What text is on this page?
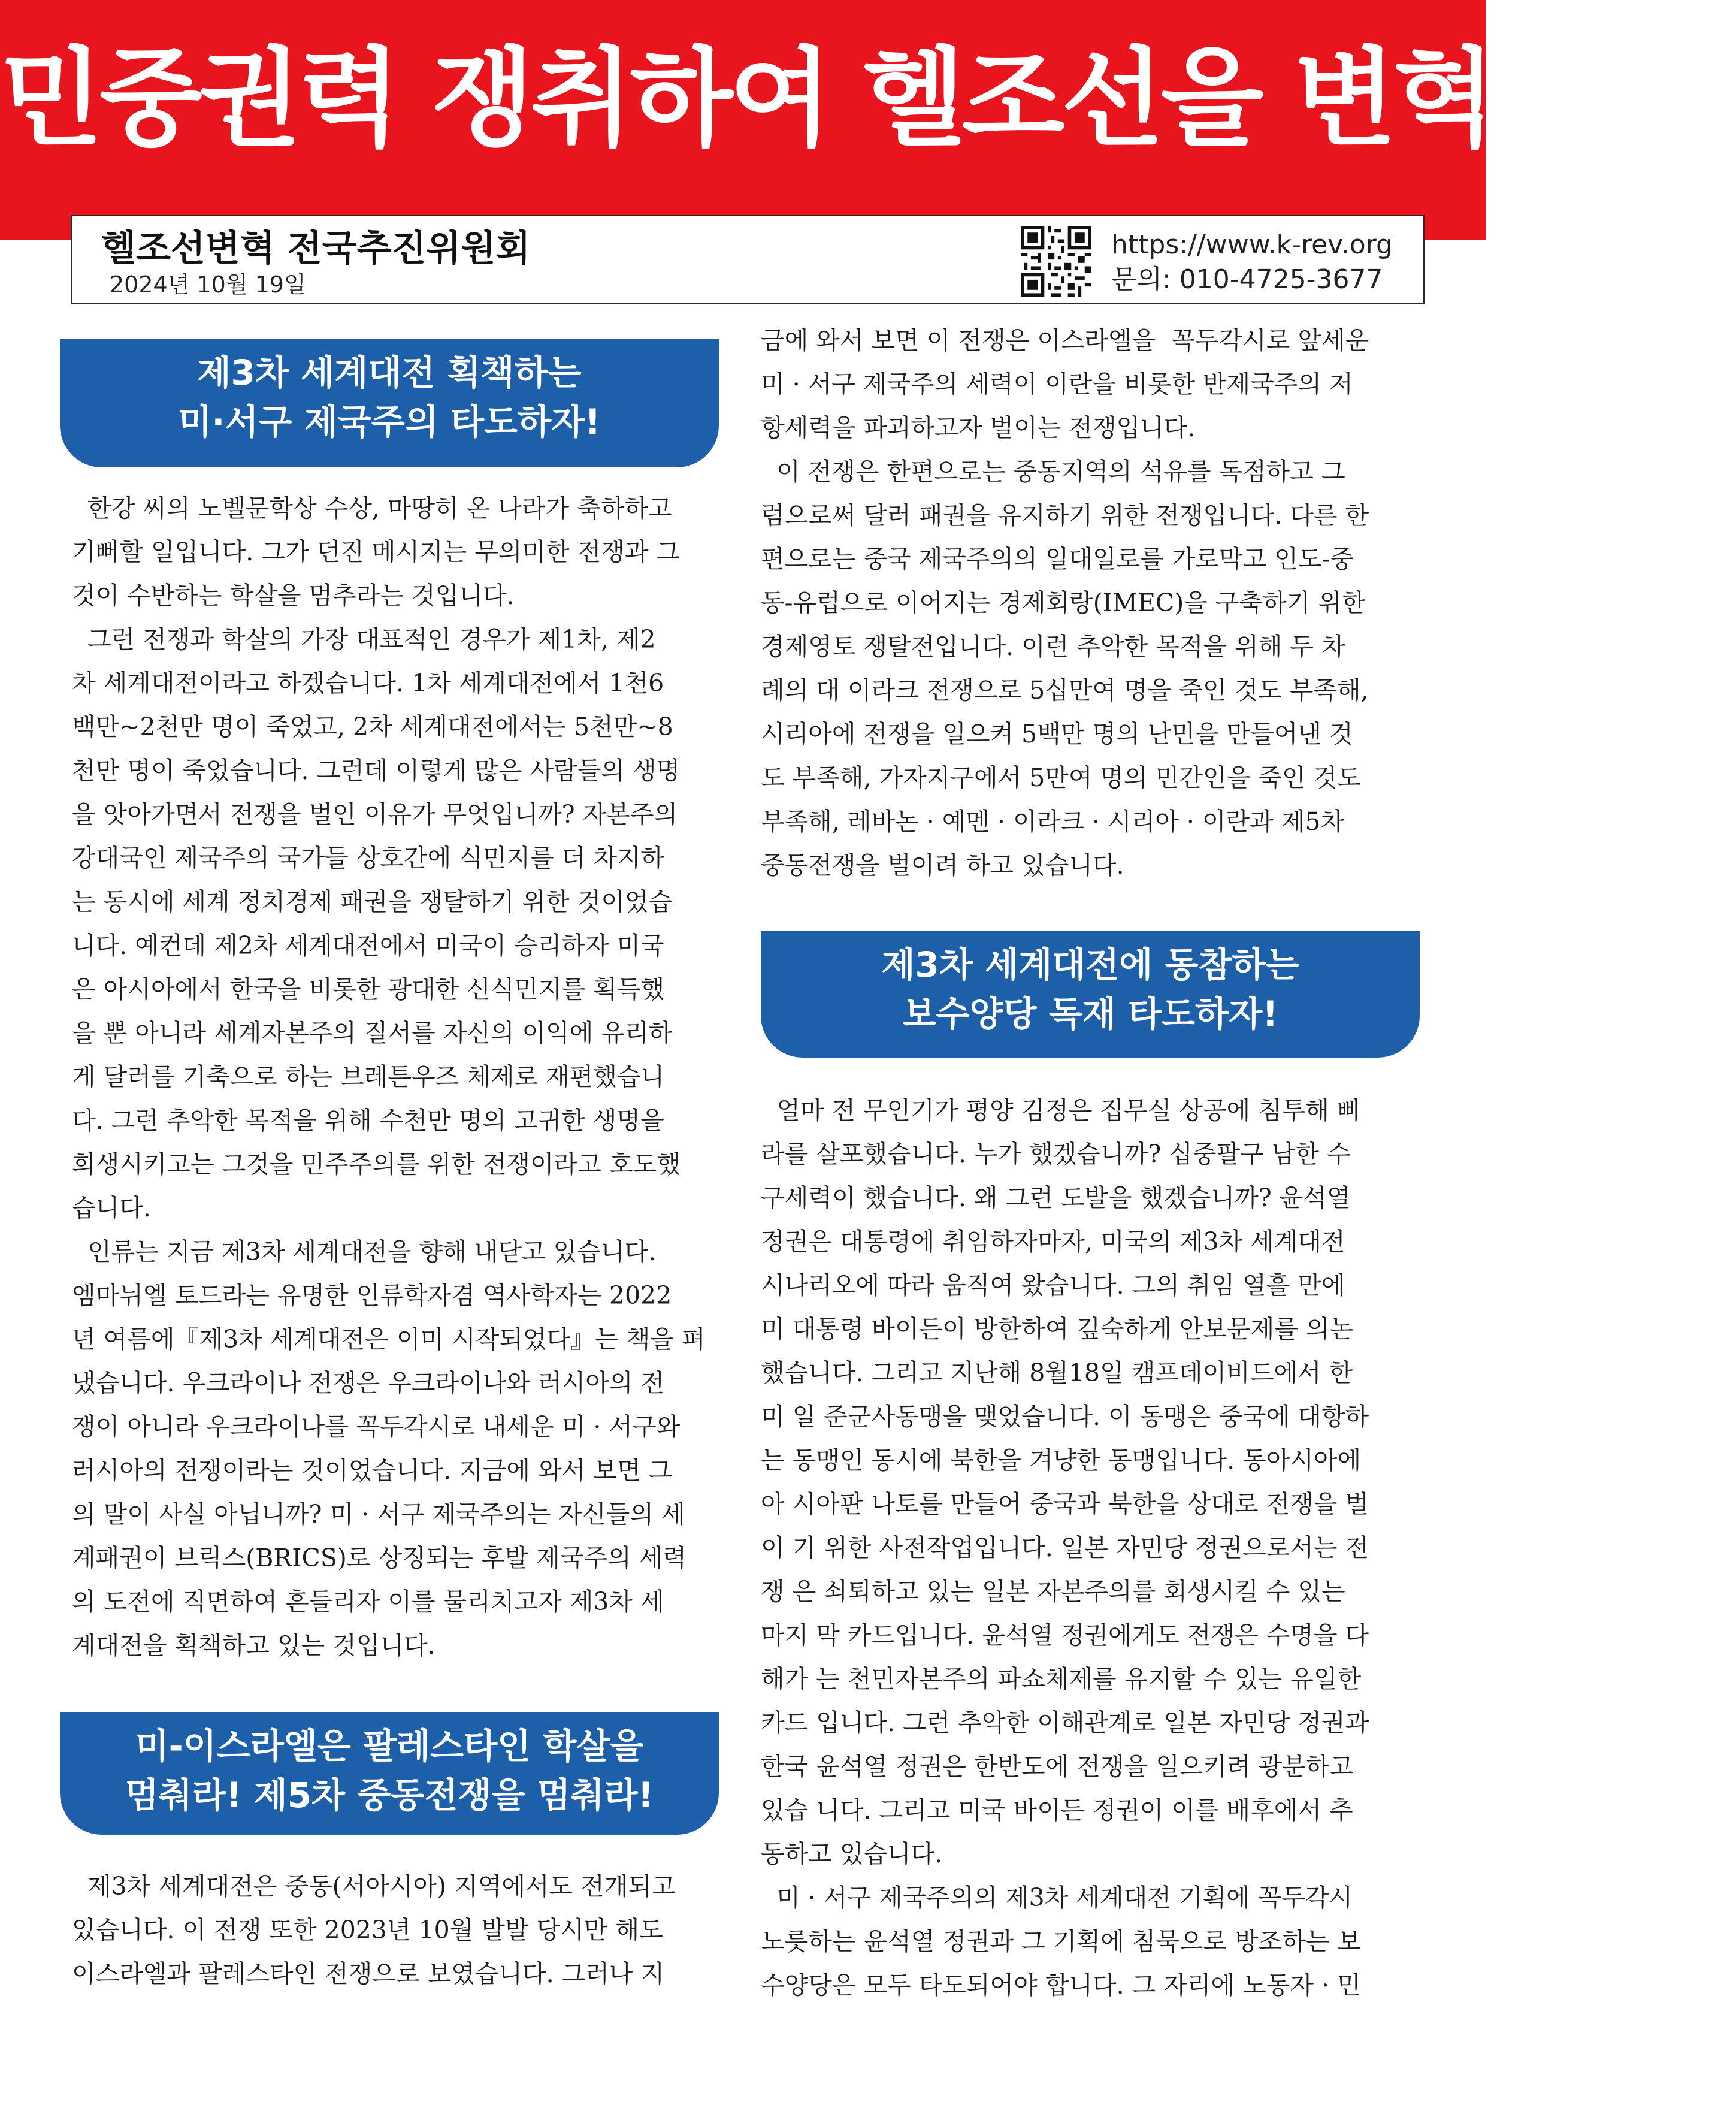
민중권력 쟁취하여 헬조선을 변혁하자!
헬조선변혁 전국추진위원회
2024년 10월 19일
https://www.k-rev.org
문의: 010-4725-3677
제3차 세계대전 획책하는
미·서구 제국주의 타도하자!
한강 씨의 노벨문학상 수상, 마땅히 온 나라가 축하하고
기뻐할 일입니다. 그가 던진 메시지는 무의미한 전쟁과 그
것이 수반하는 학살을 멈추라는 것입니다.
그런 전쟁과 학살의 가장 대표적인 경우가 제1차, 제2
차 세계대전이라고 하겠습니다. 1차 세계대전에서 1천6
백만~2천만 명이 죽었고, 2차 세계대전에서는 5천만~8
천만 명이 죽었습니다. 그런데 이렇게 많은 사람들의 생명
을 앗아가면서 전쟁을 벌인 이유가 무엇입니까? 자본주의
강대국인 제국주의 국가들 상호간에 식민지를 더 차지하
는 동시에 세계 정치경제 패권을 쟁탈하기 위한 것이었습
니다. 예컨데 제2차 세계대전에서 미국이 승리하자 미국
은 아시아에서 한국을 비롯한 광대한 신식민지를 획득했
을 뿐 아니라 세계자본주의 질서를 자신의 이익에 유리하
게 달러를 기축으로 하는 브레튼우즈 체제로 재편했습니
다. 그런 추악한 목적을 위해 수천만 명의 고귀한 생명을
희생시키고는 그것을 민주주의를 위한 전쟁이라고 호도했
습니다.
인류는 지금 제3차 세계대전을 향해 내닫고 있습니다.
엠마뉘엘 토드라는 유명한 인류학자겸 역사학자는 2022
년 여름에『제3차 세계대전은 이미 시작되었다』는 책을 펴
냈습니다. 우크라이나 전쟁은 우크라이나와 러시아의 전
쟁이 아니라 우크라이나를 꼭두각시로 내세운 미 · 서구와
러시아의 전쟁이라는 것이었습니다. 지금에 와서 보면 그
의 말이 사실 아닙니까? 미 · 서구 제국주의는 자신들의 세
계패권이 브릭스(BRICS)로 상징되는 후발 제국주의 세력
의 도전에 직면하여 흔들리자 이를 물리치고자 제3차 세
계대전을 획책하고 있는 것입니다.
미-이스라엘은 팔레스타인 학살을
멈춰라! 제5차 중동전쟁을 멈춰라!
제3차 세계대전은 중동(서아시아) 지역에서도 전개되고
있습니다. 이 전쟁 또한 2023년 10월 발발 당시만 해도
이스라엘과 팔레스타인 전쟁으로 보였습니다. 그러나 지
금에 와서 보면 이 전쟁은 이스라엘을  꼭두각시로 앞세운
미 · 서구 제국주의 세력이 이란을 비롯한 반제국주의 저
항세력을 파괴하고자 벌이는 전쟁입니다.
이 전쟁은 한편으로는 중동지역의 석유를 독점하고 그
럼으로써 달러 패권을 유지하기 위한 전쟁입니다. 다른 한
편으로는 중국 제국주의의 일대일로를 가로막고 인도-중
동-유럽으로 이어지는 경제회랑(IMEC)을 구축하기 위한
경제영토 쟁탈전입니다. 이런 추악한 목적을 위해 두 차
례의 대 이라크 전쟁으로 5십만여 명을 죽인 것도 부족해,
시리아에 전쟁을 일으켜 5백만 명의 난민을 만들어낸 것
도 부족해, 가자지구에서 5만여 명의 민간인을 죽인 것도
부족해, 레바논 · 예멘 · 이라크 · 시리아 · 이란과 제5차
중동전쟁을 벌이려 하고 있습니다.
제3차 세계대전에 동참하는
보수양당 독재 타도하자!
얼마 전 무인기가 평양 김정은 집무실 상공에 침투해 삐
라를 살포했습니다. 누가 했겠습니까? 십중팔구 남한 수
구세력이 했습니다. 왜 그런 도발을 했겠습니까? 윤석열
정권은 대통령에 취임하자마자, 미국의 제3차 세계대전
시나리오에 따라 움직여 왔습니다. 그의 취임 열흘 만에
미 대통령 바이든이 방한하여 깊숙하게 안보문제를 의논
했습니다. 그리고 지난해 8월18일 캠프데이비드에서 한
미 일 준군사동맹을 맺었습니다. 이 동맹은 중국에 대항하
는 동맹인 동시에 북한을 겨냥한 동맹입니다. 동아시아에
아 시아판 나토를 만들어 중국과 북한을 상대로 전쟁을 벌
이 기 위한 사전작업입니다. 일본 자민당 정권으로서는 전
쟁 은 쇠퇴하고 있는 일본 자본주의를 회생시킬 수 있는
마지 막 카드입니다. 윤석열 정권에게도 전쟁은 수명을 다
해가 는 천민자본주의 파쇼체제를 유지할 수 있는 유일한
카드 입니다. 그런 추악한 이해관계로 일본 자민당 정권과
한국 윤석열 정권은 한반도에 전쟁을 일으키려 광분하고
있습 니다. 그리고 미국 바이든 정권이 이를 배후에서 추
동하고 있습니다.
미 · 서구 제국주의의 제3차 세계대전 기획에 꼭두각시
노릇하는 윤석열 정권과 그 기획에 침묵으로 방조하는 보
수양당은 모두 타도되어야 합니다. 그 자리에 노동자 · 민
